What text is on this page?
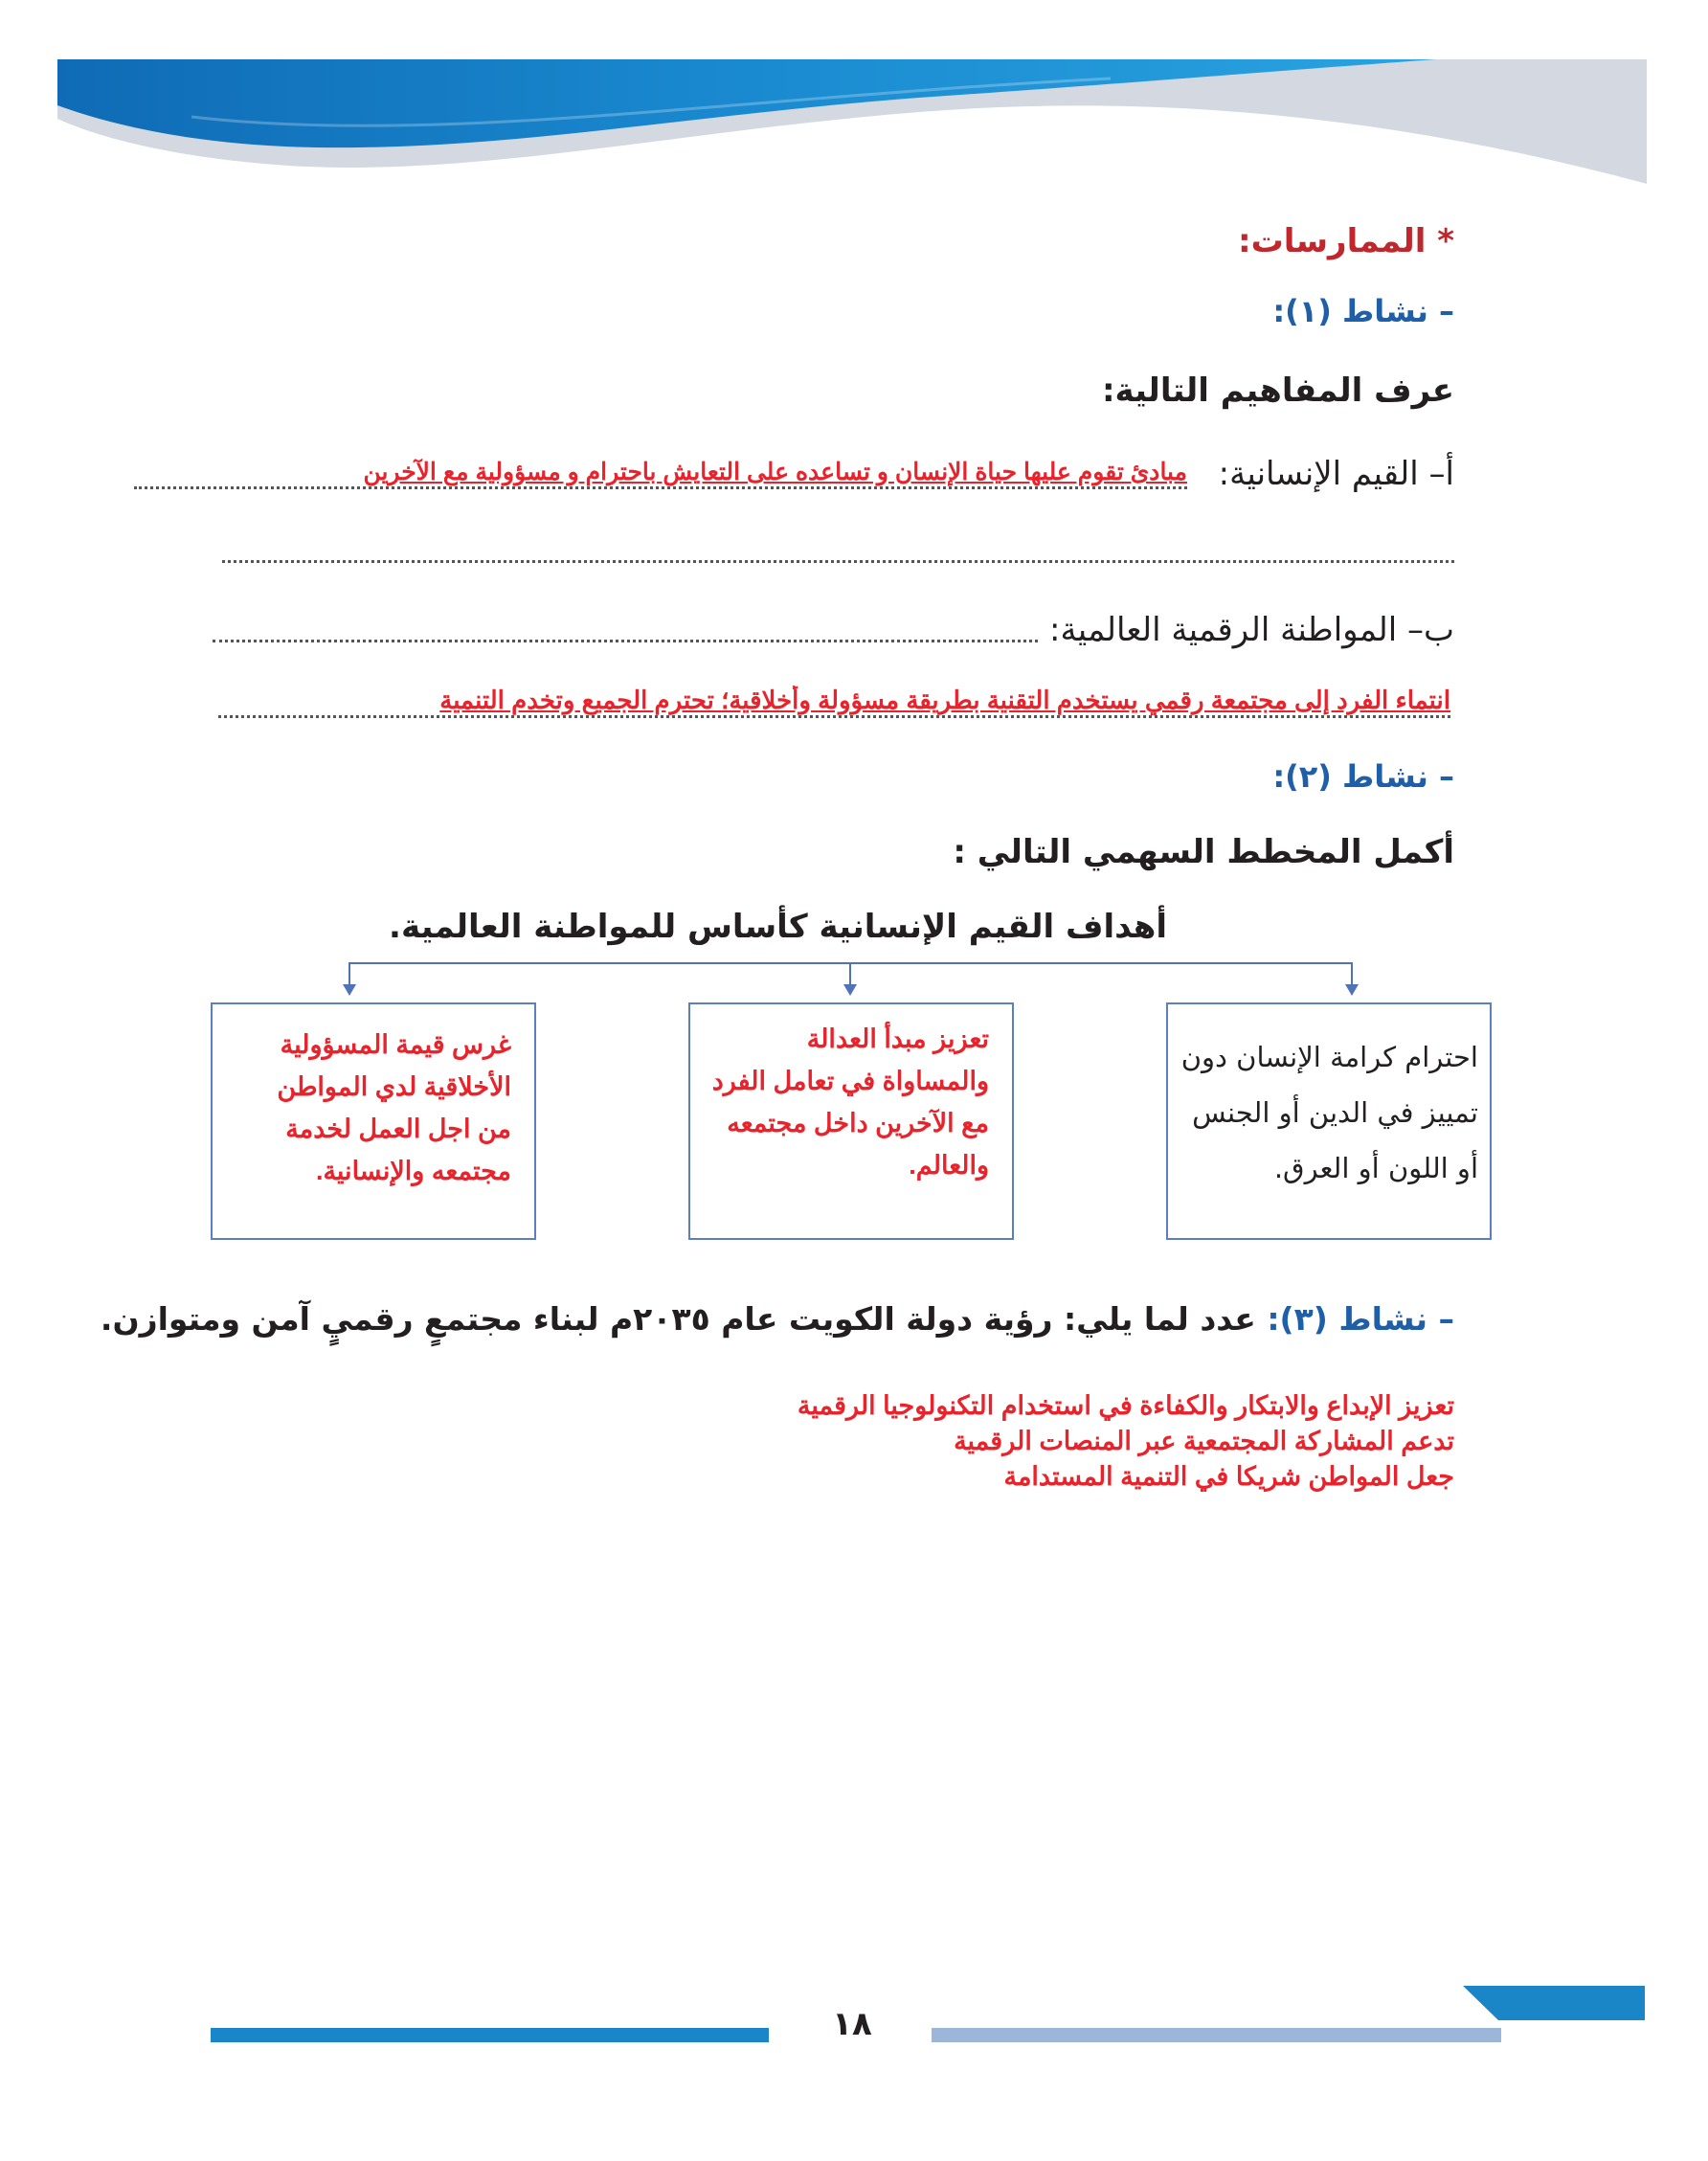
* الممارسات:
– نشاط (١):
عرف المفاهيم التالية:
أ– القيم الإنسانية:
مبادئ تقوم عليها حياة الإنسان و تساعده على التعايش باحترام و مسؤولية مع الآخرين
ب– المواطنة الرقمية العالمية:
انتماء الفرد إلى مجتمعة رقمي يستخدم التقنية بطريقة مسؤولة وأخلاقية؛ تحترم الجميع وتخدم التنمية
– نشاط (٢):
أكمل المخطط السهمي التالي :
أهداف القيم الإنسانية كأساس للمواطنة العالمية.
احترام كرامة الإنسان دون تمييز في الدين أو الجنس أو اللون أو العرق.
تعزيز مبدأ العدالة والمساواة في تعامل الفرد مع الآخرين داخل مجتمعه والعالم.
غرس قيمة المسؤولية الأخلاقية لدي المواطن من اجل العمل لخدمة مجتمعه والإنسانية.
– نشاط (٣): عدد لما يلي: رؤية دولة الكويت عام ٢٠٣٥م لبناء مجتمعٍ رقميٍ آمن ومتوازن.
تعزيز الإبداع والابتكار والكفاءة في استخدام التكنولوجيا الرقمية
تدعم المشاركة المجتمعية عبر المنصات الرقمية
جعل المواطن شريكا في التنمية المستدامة
١٨
